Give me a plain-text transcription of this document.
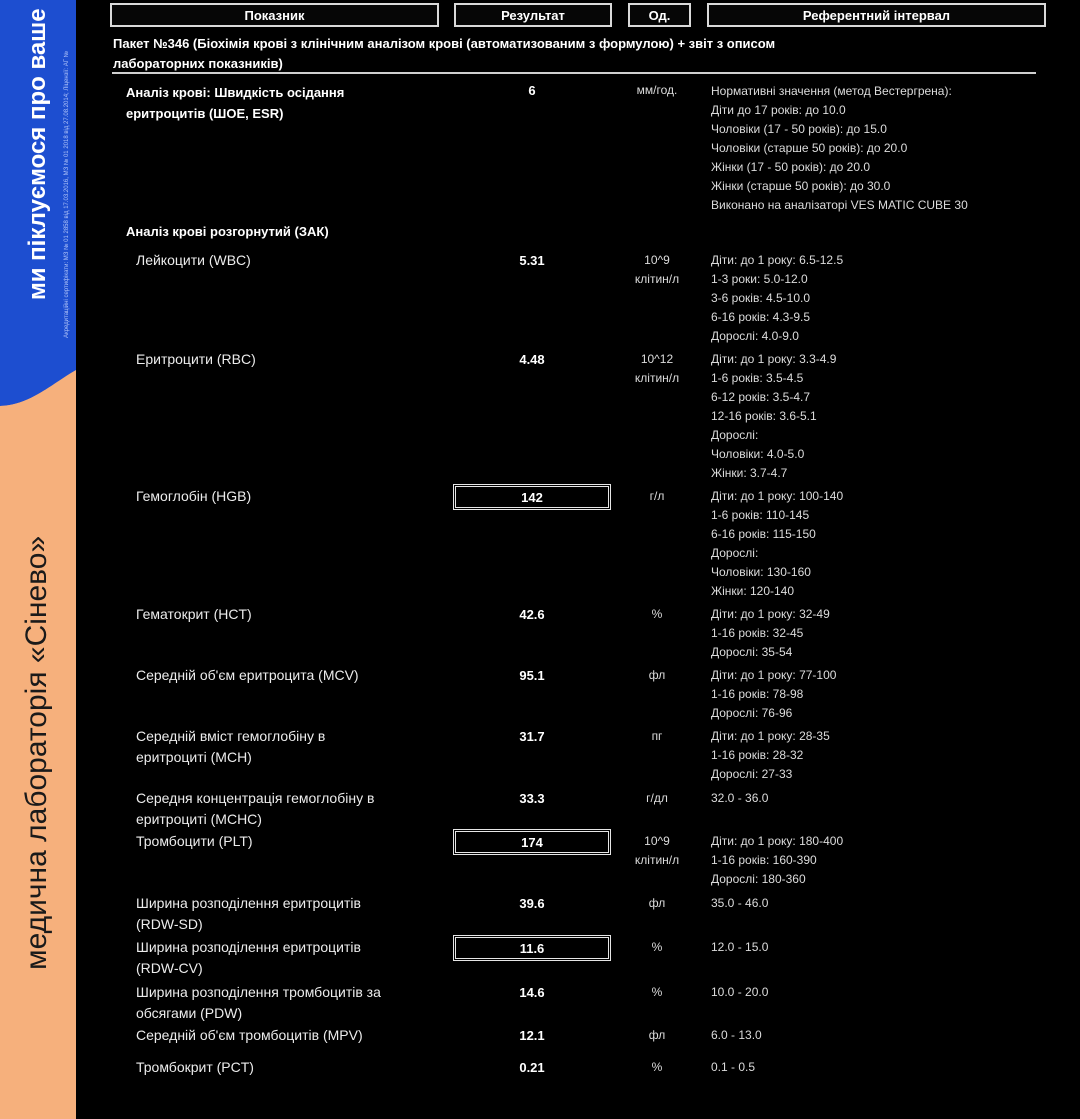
ми піклуємося про ваше Акредитаційні сертифікати: МЗ № 01 2858 від 17.03.2016, МЗ № 01 2018 від 27.08.2014; Ліцензії: АГ №
медична лабораторія «Сінево»
Показник	Результат	Од.	Референтний інтервал
Пакет №346 (Біохімія крові з клінічним аналізом крові (автоматизованим з формулою) + звіт з описом
лабораторних показників)
Аналіз крові: Швидкість осідання
еритроцитів (ШОЕ, ESR)
6	мм/год.	Нормативні значення (метод Вестергрена):
Діти до 17 років: до 10.0
Чоловіки (17 - 50 років): до 15.0
Чоловіки (старше 50 років): до 20.0
Жінки (17 - 50 років): до 20.0
Жінки (старше 50 років): до 30.0
Виконано на аналізаторі VES MATIC CUBE 30
Аналіз крові розгорнутий (ЗАК)
Лейкоцити (WBC)	5.31	10^9
клітин/л
Діти: до 1 року: 6.5-12.5
1-3 роки: 5.0-12.0
3-6 років: 4.5-10.0
6-16 років: 4.3-9.5
Дорослі: 4.0-9.0
Еритроцити (RBC)	4.48	10^12
клітин/л
Діти: до 1 року: 3.3-4.9
1-6 років: 3.5-4.5
6-12 років: 3.5-4.7
12-16 років: 3.6-5.1
Дорослі:
Чоловіки: 4.0-5.0
Жінки: 3.7-4.7
Гемоглобін (HGB)	142	г/л	Діти: до 1 року: 100-140
1-6 років: 110-145
6-16 років: 115-150
Дорослі:
Чоловіки: 130-160
Жінки: 120-140
Гематокрит (HCT)	42.6	%	Діти: до 1 року: 32-49
1-16 років: 32-45
Дорослі: 35-54
Середній об'єм еритроцита (MCV)	95.1	фл	Діти: до 1 року: 77-100
1-16 років: 78-98
Дорослі: 76-96
Середній вміст гемоглобіну в
еритроциті (MCH)
31.7	пг	Діти: до 1 року: 28-35
1-16 років: 28-32
Дорослі: 27-33
Середня концентрація гемоглобіну в
еритроциті (MCHC)
33.3	г/дл	32.0 - 36.0
Тромбоцити (PLT)	174	10^9
клітин/л
Діти: до 1 року: 180-400
1-16 років: 160-390
Дорослі: 180-360
Ширина розподілення еритроцитів
(RDW-SD)
39.6	фл	35.0 - 46.0
Ширина розподілення еритроцитів
(RDW-CV)
11.6	%	12.0 - 15.0
Ширина розподілення тромбоцитів за
обсягами (PDW)
14.6	%	10.0 - 20.0
Середній об'єм тромбоцитів (MPV)	12.1	фл	6.0 - 13.0
Тромбокрит (PCT)	0.21	%	0.1 - 0.5
